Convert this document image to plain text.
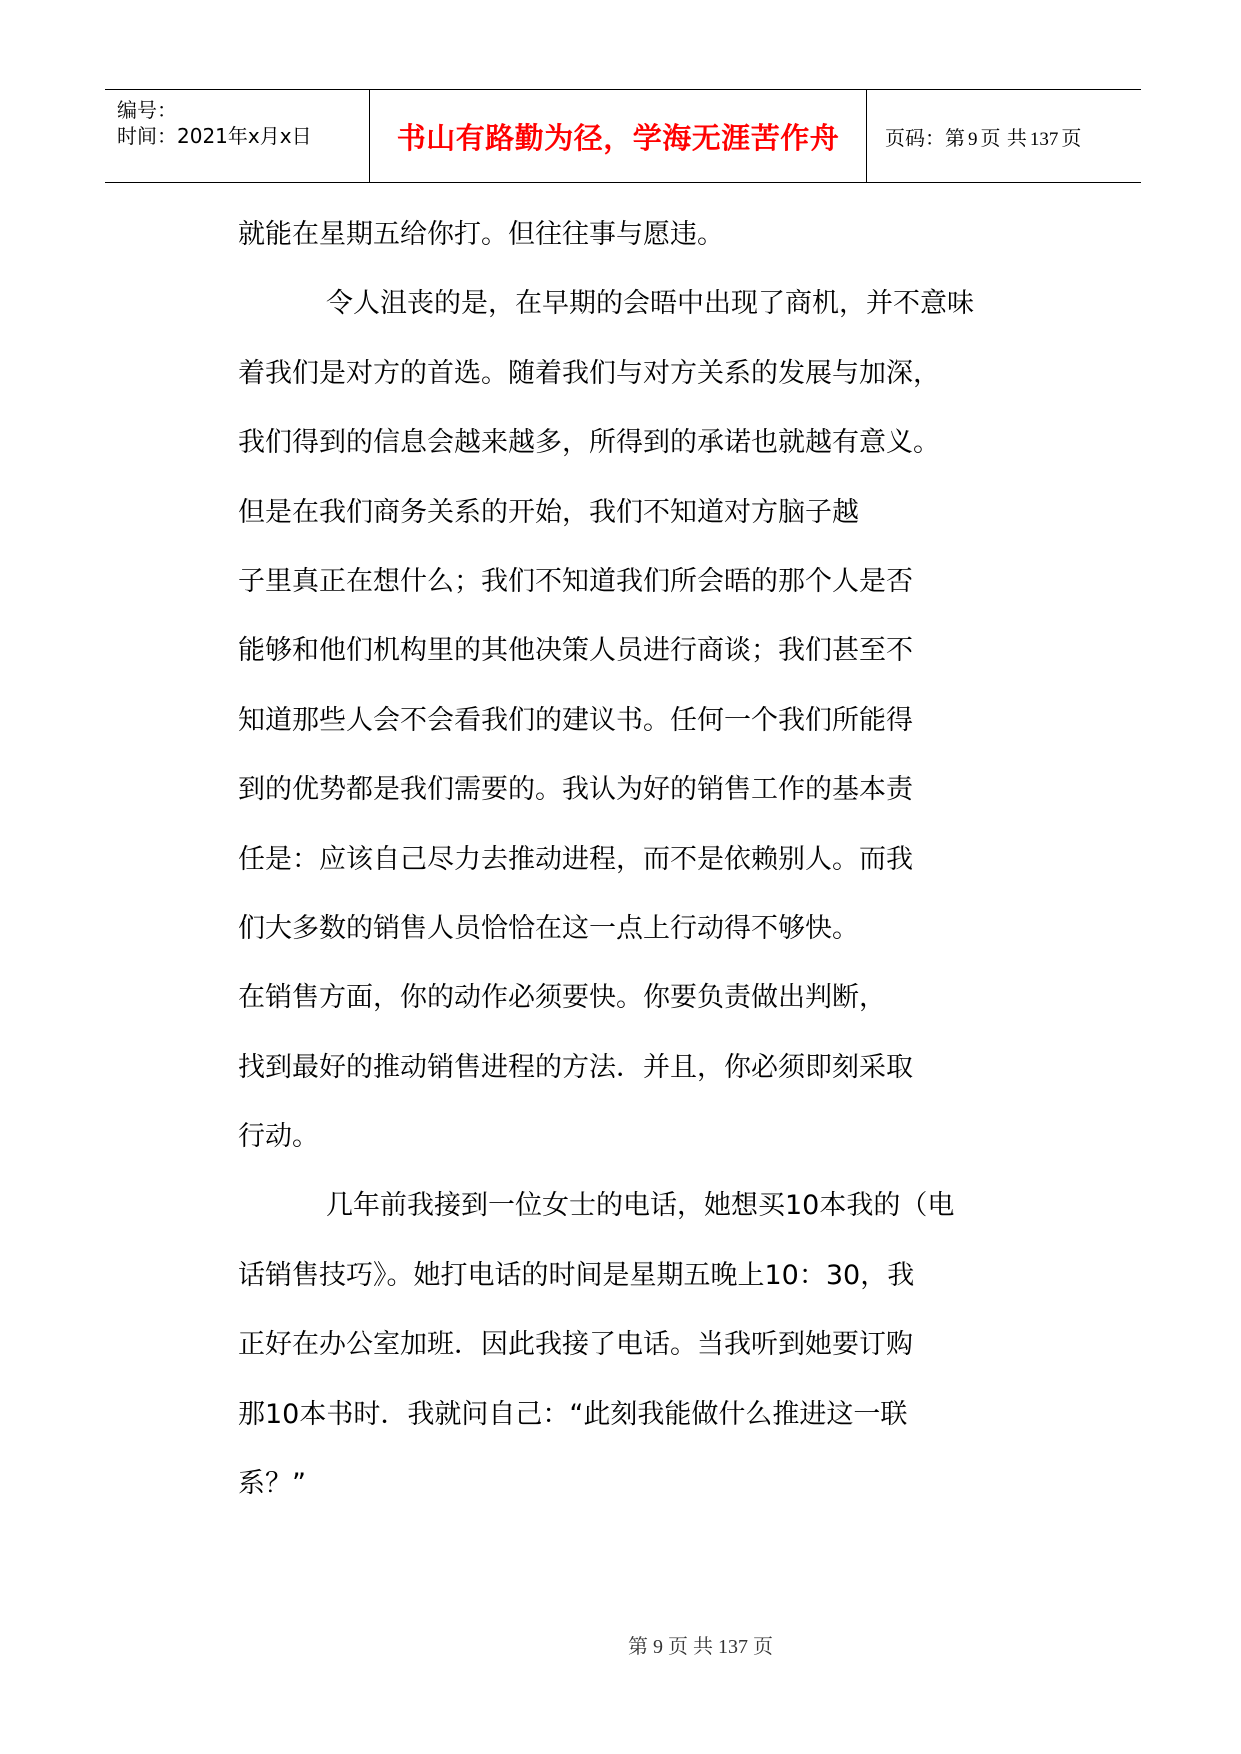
编号：
时间：2021年x月x日	书山有路勤为径，学海无涯苦作舟 页码：第 9 页 共 137 页
就能在星期五给你打。但往往事与愿违。
令人沮丧的是，在早期的会晤中出现了商机，并不意味
着我们是对方的首选。随着我们与对方关系的发展与加深，
我们得到的信息会越来越多，所得到的承诺也就越有意义。
但是在我们商务关系的开始，我们不知道对方脑子越
子里真正在想什么；我们不知道我们所会晤的那个人是否
能够和他们机构里的其他决策人员进行商谈；我们甚至不
知道那些人会不会看我们的建议书。任何一个我们所能得
到的优势都是我们需要的。我认为好的销售工作的基本责
任是：应该自己尽力去推动进程，而不是依赖别人。而我
们大多数的销售人员恰恰在这一点上行动得不够快。
在销售方面，你的动作必须要快。你要负责做出判断，
找到最好的推动销售进程的方法．并且，你必须即刻采取
行动。
几年前我接到一位女士的电话，她想买10本我的（电
话销售技巧》。她打电话的时间是星期五晚上10：30，我
正好在办公室加班．因此我接了电话。当我听到她要订购
那10本书时．我就问自己：“此刻我能做什么推进这一联
系？”
第 9 页 共 137 页
